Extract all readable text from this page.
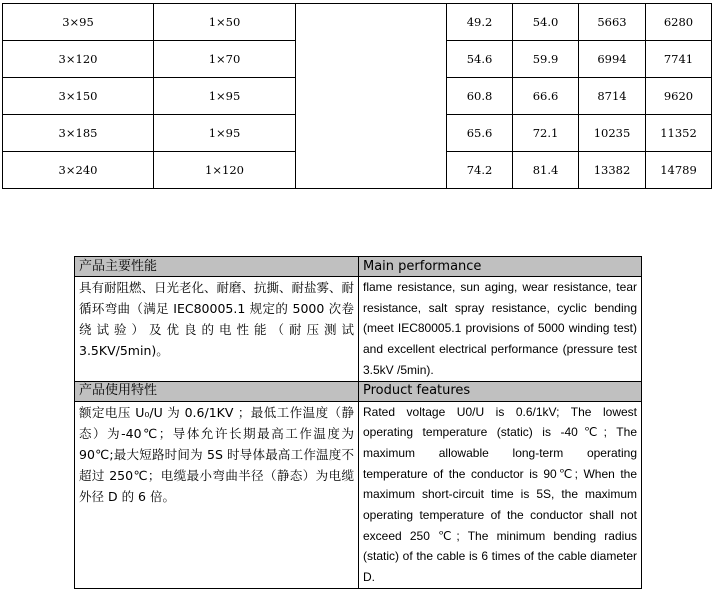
3×95	1×50		49.2	54.0	5663	6280
3×120	1×70		54.6	59.9	6994	7741
3×150	1×95		60.8	66.6	8714	9620
3×185	1×95		65.6	72.1	10235	11352
3×240	1×120		74.2	81.4	13382	14789
产品主要性能	Main performance
具有耐阻燃、日光老化、耐磨、抗撕、耐盐雾、耐循环弯曲（满足 IEC80005.1 规定的 5000 次卷绕试验）及优良的电性能（耐压测试 3.5KV/5min)。	flame resistance, sun aging, wear resistance, tear resistance, salt spray resistance, cyclic bending (meet IEC80005.1 provisions of 5000 winding test) and excellent electrical performance (pressure test 3.5kV /5min).
产品使用特性	Product features
额定电压 U₀/U 为 0.6/1KV ；最低工作温度（静态）为-40℃；导体允许长期最高工作温度为90℃;最大短路时间为 5S 时导体最高工作温度不超过 250℃；电缆最小弯曲半径（静态）为电缆外径 D 的 6 倍。	Rated voltage U0/U is 0.6/1kV; The lowest operating temperature (static) is -40℃; The maximum allowable long-term operating temperature of the conductor is 90℃; When the maximum short-circuit time is 5S, the maximum operating temperature of the conductor shall not exceed 250 ℃; The minimum bending radius (static) of the cable is 6 times of the cable diameter D.
